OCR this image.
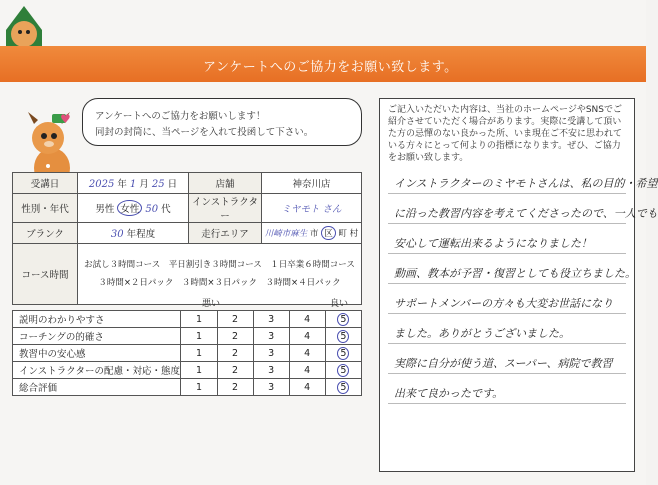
アンケートへのご協力をお願い致します。
♥	アンケートへのご協力をお願いします！
同封の封筒に、当ページを入れて投函して下さい。
受講日	2025 年 1 月 25 日	店舗	神奈川店
性別・年代	男性 女性 50 代	インストラクター	ミヤモト さん
ブランク	30 年程度	走行エリア	川崎市麻生 市 区 町 村
コース時間	お試し３時間コース　平日割引き３時間コース　１日卒業６時間コース
３時間×２日パック　３時間×３日パック　３時間×４日パック		
悪い	良い
説明のわかりやすさ	1	2	3	4	5
コーチングの的確さ	1	2	3	4	5
教習中の安心感	1	2	3	4	5
インストラクターの配慮・対応・態度	1	2	3	4	5
総合評価	1	2	3	4	5
ご記入いただいた内容は、当社のホームページやSNSでご紹介させていただく場合があります。実際に受講して頂いた方の忌憚のない良かった所、いま現在ご不安に思われている方々にとって何よりの指標になります。ぜひ、ご協力をお願い致します。
インストラクターのミヤモトさんは、私の目的・希望
に沿った教習内容を考えてくださったので、一人でも
安心して運転出来るようになりました！
動画、教本が予習・復習としても役立ちました。
サポートメンバーの方々も大変お世話になり
ました。ありがとうございました。
実際に自分が使う道、スーパー、病院で教習
出来て良かったです。
